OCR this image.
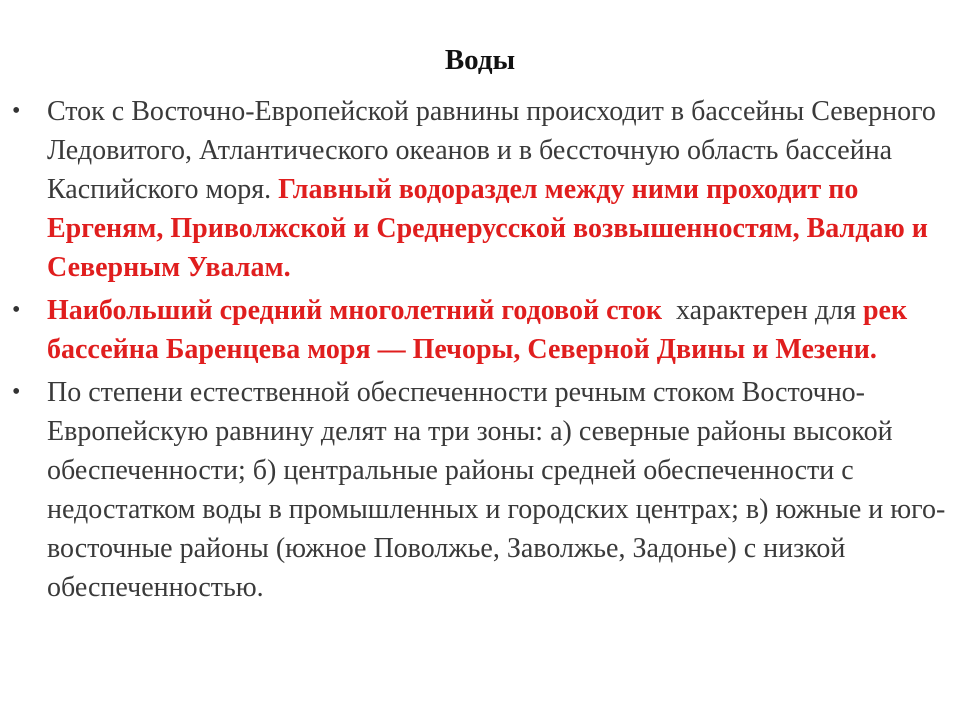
Воды
• Сток с Восточно-Европейской равнины происходит в бассейны Северного Ледовитого, Атлантического океанов и в бессточную область бассейна Каспийского моря. Главный водораздел между ними проходит по Ергеням, Приволжской и Среднерусской возвышенностям, Валдаю и Северным Увалам.
• Наибольший средний многолетний годовой сток  характерен для рек бассейна Баренцева моря — Печоры, Северной Двины и Мезени.
• По степени естественной обеспеченности речным стоком Восточно-Европейскую равнину делят на три зоны: а) северные районы высокой обеспеченности; б) центральные районы средней обеспеченности с недостатком воды в промышленных и городских центрах; в) южные и юго-восточные районы (южное Поволжье, Заволжье, Задонье) с низкой обеспеченностью.
